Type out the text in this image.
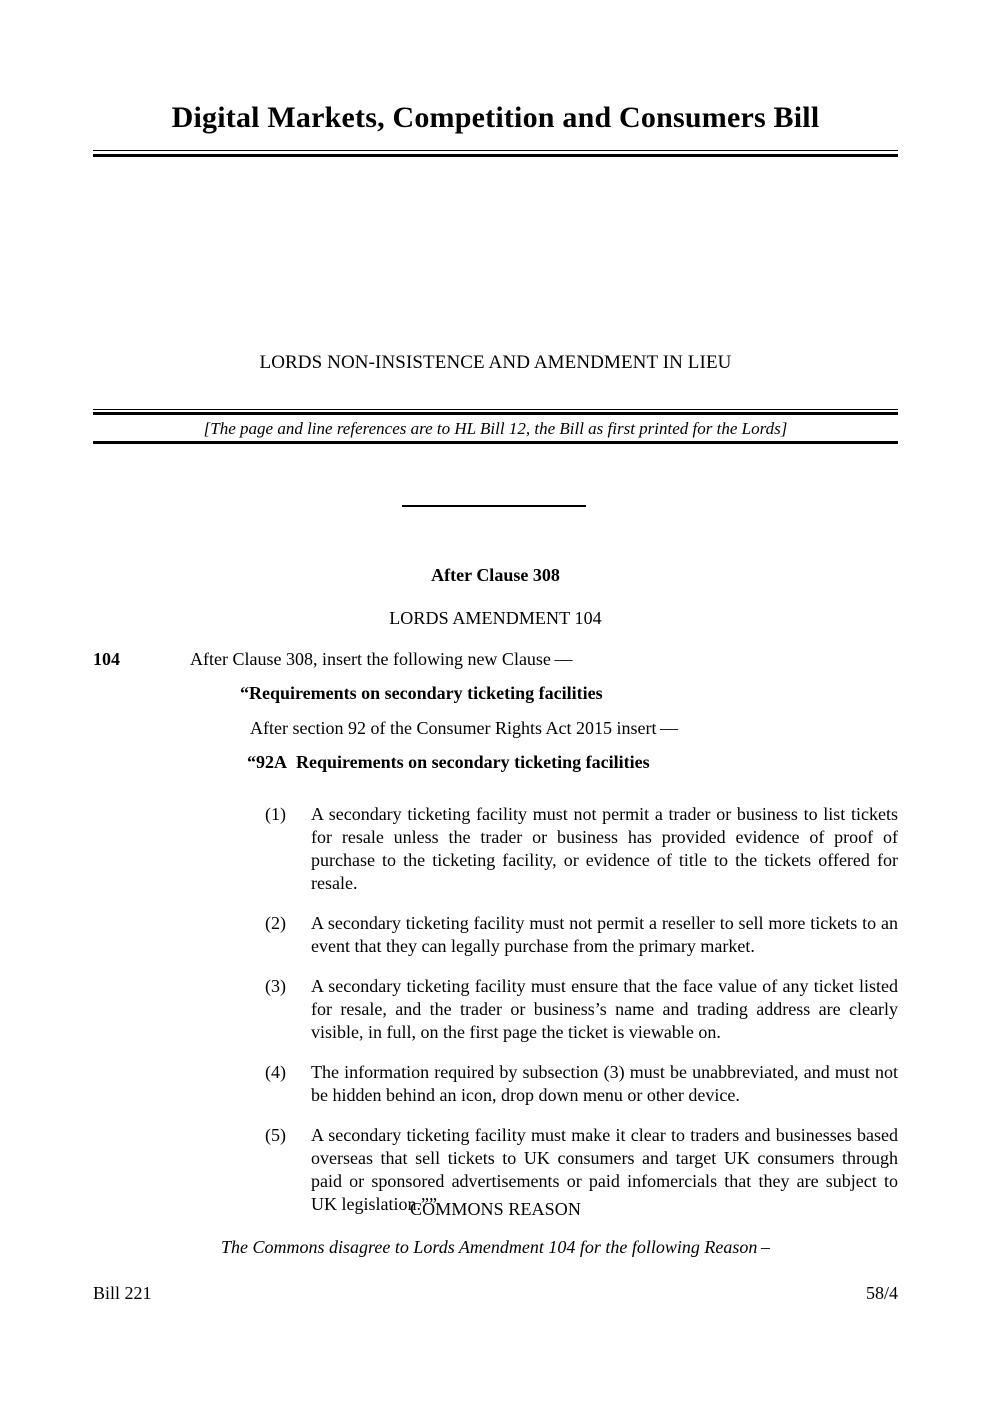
Digital Markets, Competition and Consumers Bill
LORDS NON-INSISTENCE AND AMENDMENT IN LIEU
[The page and line references are to HL Bill 12, the Bill as first printed for the Lords]
After Clause 308
LORDS AMENDMENT 104
104	After Clause 308, insert the following new Clause —
“Requirements on secondary ticketing facilities
After section 92 of the Consumer Rights Act 2015 insert —
“92A Requirements on secondary ticketing facilities
(1)	A secondary ticketing facility must not permit a trader or business to list tickets for resale unless the trader or business has provided evidence of proof of purchase to the ticketing facility, or evidence of title to the tickets offered for resale.
(2)	A secondary ticketing facility must not permit a reseller to sell more tickets to an event that they can legally purchase from the primary market.
(3)	A secondary ticketing facility must ensure that the face value of any ticket listed for resale, and the trader or business’s name and trading address are clearly visible, in full, on the first page the ticket is viewable on.
(4)	The information required by subsection (3) must be unabbreviated, and must not be hidden behind an icon, drop down menu or other device.
(5)	A secondary ticketing facility must make it clear to traders and businesses based overseas that sell tickets to UK consumers and target UK consumers through paid or sponsored advertisements or paid infomercials that they are subject to UK legislation.””
COMMONS REASON
The Commons disagree to Lords Amendment 104 for the following Reason –
Bill 221	58/4
